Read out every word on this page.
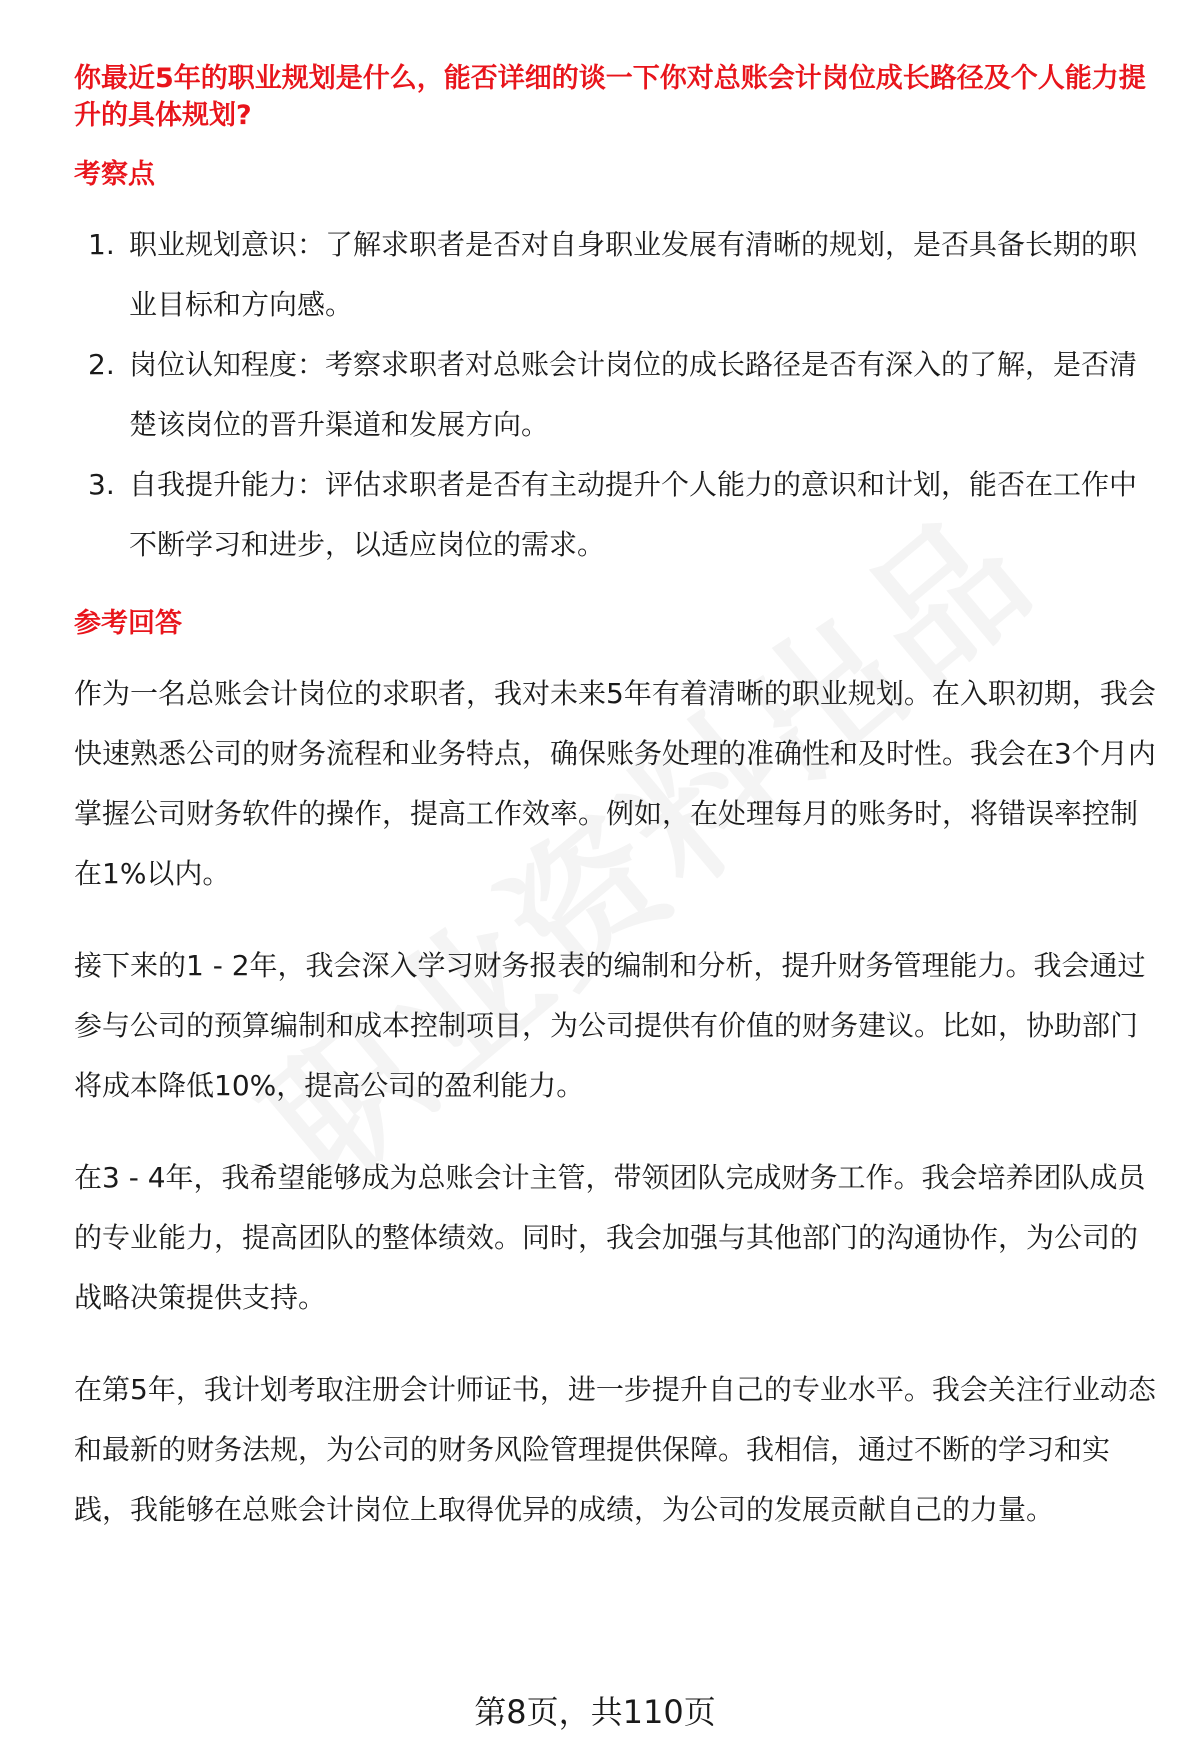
你最近5年的职业规划是什么，能否详细的谈一下你对总账会计岗位成长路径及个人能力提升的具体规划?
考察点
1. 职业规划意识：了解求职者是否对自身职业发展有清晰的规划，是否具备长期的职业目标和方向感。
2. 岗位认知程度：考察求职者对总账会计岗位的成长路径是否有深入的了解，是否清楚该岗位的晋升渠道和发展方向。
3. 自我提升能力：评估求职者是否有主动提升个人能力的意识和计划，能否在工作中不断学习和进步，以适应岗位的需求。
参考回答

作为一名总账会计岗位的求职者，我对未来5年有着清晰的职业规划。在入职初期，我会快速熟悉公司的财务流程和业务特点，确保账务处理的准确性和及时性。我会在3个月内掌握公司财务软件的操作，提高工作效率。例如，在处理每月的账务时，将错误率控制在1%以内。

接下来的1 - 2年，我会深入学习财务报表的编制和分析，提升财务管理能力。我会通过参与公司的预算编制和成本控制项目，为公司提供有价值的财务建议。比如，协助部门将成本降低10%，提高公司的盈利能力。

在3 - 4年，我希望能够成为总账会计主管，带领团队完成财务工作。我会培养团队成员的专业能力，提高团队的整体绩效。同时，我会加强与其他部门的沟通协作，为公司的战略决策提供支持。

在第5年，我计划考取注册会计师证书，进一步提升自己的专业水平。我会关注行业动态和最新的财务法规，为公司的财务风险管理提供保障。我相信，通过不断的学习和实践，我能够在总账会计岗位上取得优异的成绩，为公司的发展贡献自己的力量。

第8页，共110页
